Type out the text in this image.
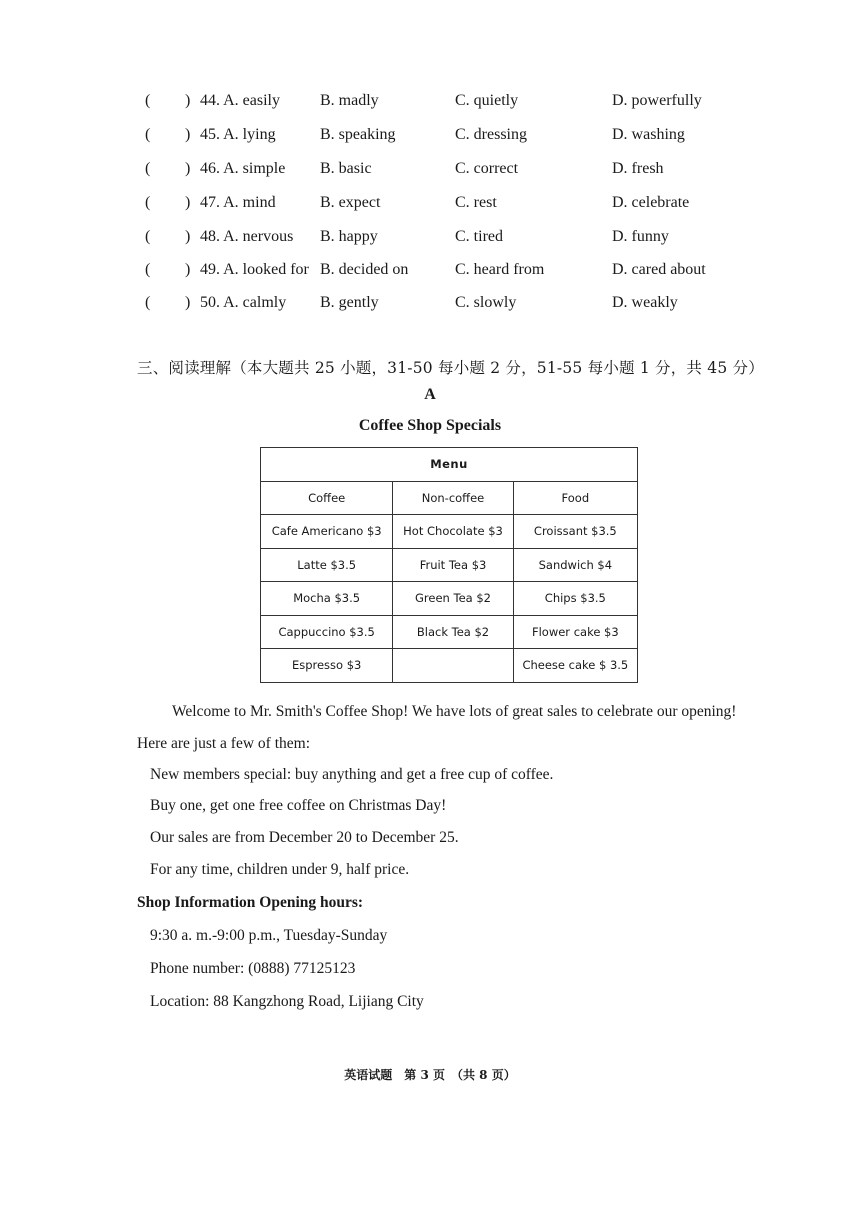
( ) 44. A. easily	B. madly	C. quietly	D. powerfully
( ) 45. A. lying	B. speaking	C. dressing	D. washing
( ) 46. A. simple B. basic	C. correct	D. fresh
( ) 47. A. mind	B. expect	C. rest	D. celebrate
( ) 48. A. nervous B. happy	C. tired	D. funny
( ) 49. A. looked for B. decided on	C. heard from	D. cared about
( ) 50. A. calmly B. gently	C. slowly	D. weakly
三、阅读理解（本大题共 25 小题，31-50 每小题 2 分，51-55 每小题 1 分，共 45 分）
A
Coffee Shop Specials
Menu		
Coffee	Non-coffee	Food
Cafe Americano $3	Hot Chocolate $3	Croissant $3.5
Latte $3.5	Fruit Tea $3	Sandwich $4
Mocha $3.5	Green Tea $2	Chips $3.5
Cappuccino $3.5	Black Tea $2	Flower cake $3
Espresso $3		Cheese cake $ 3.5
Welcome to Mr. Smith's Coffee Shop! We have lots of great sales to celebrate our opening!
Here are just a few of them:
New members special: buy anything and get a free cup of coffee.
Buy one, get one free coffee on Christmas Day!
Our sales are from December 20 to December 25.
For any time, children under 9, half price.
Shop Information Opening hours:
9:30 a. m.-9:00 p.m., Tuesday-Sunday
Phone number: (0888) 77125123
Location: 88 Kangzhong Road, Lijiang City
英语试题　第 3 页　（共 8 页）
